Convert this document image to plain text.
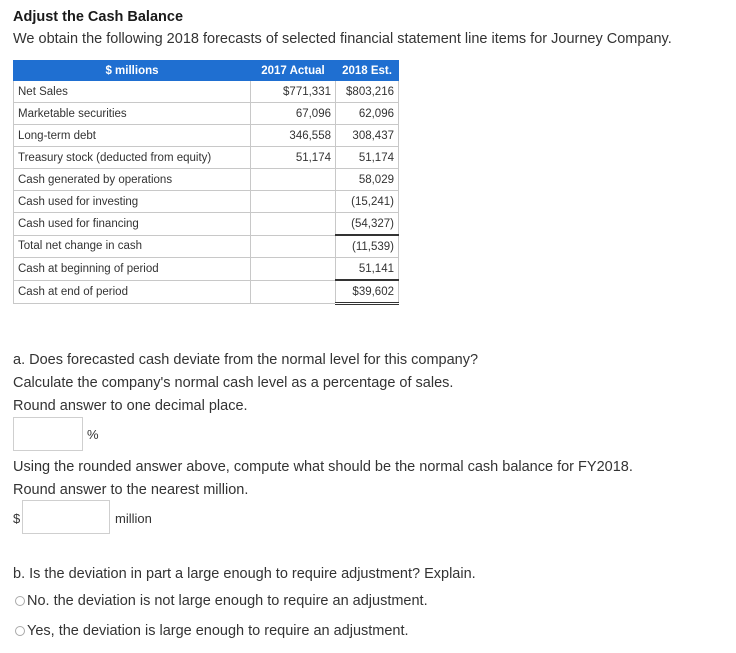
Adjust the Cash Balance
We obtain the following 2018 forecasts of selected financial statement line items for Journey Company.
$ millions	2017 Actual	2018 Est.
Net Sales	$771,331	$803,216
Marketable securities	67,096	62,096
Long-term debt	346,558	308,437
Treasury stock (deducted from equity)	51,174	51,174
Cash generated by operations		58,029
Cash used for investing		(15,241)
Cash used for financing		(54,327)
Total net change in cash		(11,539)
Cash at beginning of period		51,141
Cash at end of period		$39,602
a. Does forecasted cash deviate from the normal level for this company?
Calculate the company's normal cash level as a percentage of sales.
Round answer to one decimal place.
%
Using the rounded answer above, compute what should be the normal cash balance for FY2018.
Round answer to the nearest million.
$	million
b. Is the deviation in part a large enough to require adjustment? Explain.
No. the deviation is not large enough to require an adjustment.
Yes, the deviation is large enough to require an adjustment.
